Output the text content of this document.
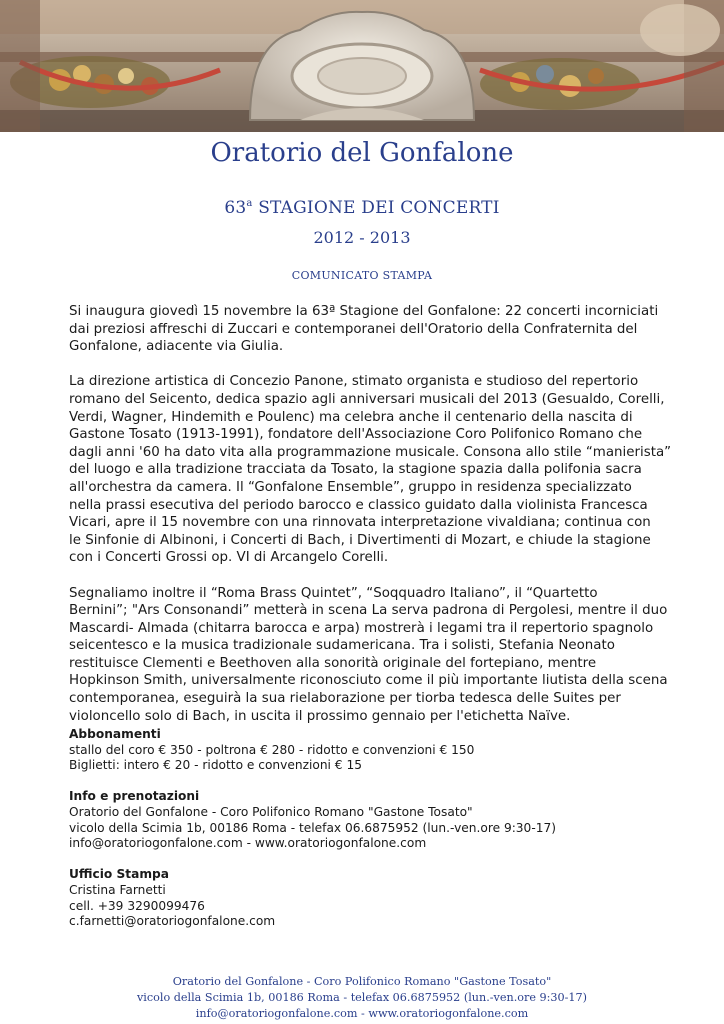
Oratorio del Gonfalone
63$^a$ STAGIONE DEI CONCERTI
2012 - 2013
COMUNICATO STAMPA

Si inaugura giovedì 15 novembre la 63ª Stagione del Gonfalone: 22 concerti incorniciati
dai preziosi affreschi di Zuccari e contemporanei dell'Oratorio della Confraternita del
Gonfalone, adiacente via Giulia.

La direzione artistica di Concezio Panone, stimato organista e studioso del repertorio
romano del Seicento, dedica spazio agli anniversari musicali del 2013 (Gesualdo, Corelli,
Verdi, Wagner, Hindemith e Poulenc) ma celebra anche il centenario della nascita di
Gastone Tosato (1913-1991), fondatore dell'Associazione Coro Polifonico Romano che
dagli anni '60 ha dato vita alla programmazione musicale. Consona allo stile “manierista”
del luogo e alla tradizione tracciata da Tosato, la stagione spazia dalla polifonia sacra
all'orchestra da camera. Il “Gonfalone Ensemble”, gruppo in residenza specializzato
nella prassi esecutiva del periodo barocco e classico guidato dalla violinista Francesca
Vicari, apre il 15 novembre con una rinnovata interpretazione vivaldiana; continua con
le Sinfonie di Albinoni, i Concerti di Bach, i Divertimenti di Mozart, e chiude la stagione
con i Concerti Grossi op. VI di Arcangelo Corelli.

Segnaliamo inoltre il “Roma Brass Quintet”, “Soqquadro Italiano”, il “Quartetto
Bernini”; "Ars Consonandi” metterà in scena La serva padrona di Pergolesi, mentre il duo
Mascardi- Almada (chitarra barocca e arpa) mostrerà i legami tra il repertorio spagnolo
seicentesco e la musica tradizionale sudamericana. Tra i solisti, Stefania Neonato
restituisce Clementi e Beethoven alla sonorità originale del fortepiano, mentre
Hopkinson Smith, universalmente riconosciuto come il più importante liutista della scena
contemporanea, eseguirà la sua rielaborazione per tiorba tedesca delle Suites per
violoncello solo di Bach, in uscita il prossimo gennaio per l'etichetta Naïve.

Abbonamenti
stallo del coro € 350 - poltrona € 280 - ridotto e convenzioni € 150
Biglietti: intero € 20 - ridotto e convenzioni € 15
Info e prenotazioni
Oratorio del Gonfalone - Coro Polifonico Romano "Gastone Tosato"
vicolo della Scimia 1b, 00186 Roma - telefax 06.6875952 (lun.-ven.ore 9:30-17)
info@oratoriogonfalone.com - www.oratoriogonfalone.com
Ufficio Stampa
Cristina Farnetti
cell. +39 3290099476
c.farnetti@oratoriogonfalone.com
Oratorio del Gonfalone - Coro Polifonico Romano "Gastone Tosato"
vicolo della Scimia 1b, 00186 Roma - telefax 06.6875952 (lun.-ven.ore 9:30-17)
info@oratoriogonfalone.com - www.oratoriogonfalone.com
